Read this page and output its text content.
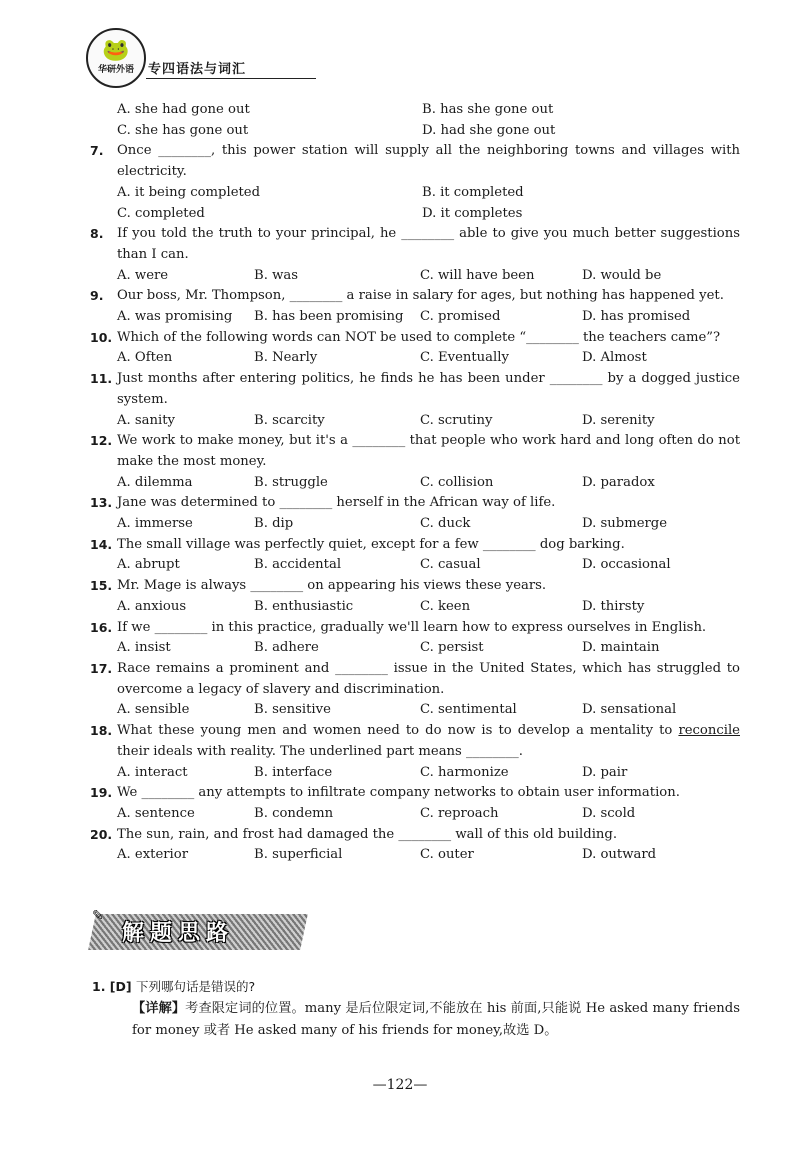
🐸
华研外语	专四语法与词汇
A. she had gone out	B. has she gone out
C. she has gone out	D. had she gone out
7.	Once ________, this power station will supply all the neighboring towns and villages with electricity.
A. it being completed	B. it completed
C. completed	D. it completes
8.	If you told the truth to your principal, he ________ able to give you much better suggestions than I can.
A. were	B. was	C. will have been	D. would be
9.	Our boss, Mr. Thompson, ________ a raise in salary for ages, but nothing has happened yet.
A. was promising	B. has been promising	C. promised	D. has promised
10. Which of the following words can NOT be used to complete “________ the teachers came”?
A. Often	B. Nearly	C. Eventually	D. Almost
11. Just months after entering politics, he finds he has been under ________ by a dogged justice system.
A. sanity	B. scarcity	C. scrutiny	D. serenity
12. We work to make money, but it's a ________ that people who work hard and long often do not make the most money.
A. dilemma	B. struggle	C. collision	D. paradox
13. Jane was determined to ________ herself in the African way of life.
A. immerse	B. dip	C. duck	D. submerge
14. The small village was perfectly quiet, except for a few ________ dog barking.
A. abrupt	B. accidental	C. casual	D. occasional
15. Mr. Mage is always ________ on appearing his views these years.
A. anxious	B. enthusiastic	C. keen	D. thirsty
16. If we ________ in this practice, gradually we'll learn how to express ourselves in English.
A. insist	B. adhere	C. persist	D. maintain
17. Race remains a prominent and ________ issue in the United States, which has struggled to overcome a legacy of slavery and discrimination.
A. sensible	B. sensitive	C. sentimental	D. sensational
18. What these young men and women need to do now is to develop a mentality to reconcile their ideals with reality. The underlined part means ________.
A. interact	B. interface	C. harmonize	D. pair
19. We ________ any attempts to infiltrate company networks to obtain user information.
A. sentence	B. condemn	C. reproach	D. scold
20. The sun, rain, and frost had damaged the ________ wall of this old building.
A. exterior	B. superficial	C. outer	D. outward
✎
解题思路
1. [D] 下列哪句话是错误的?
【详解】考查限定词的位置。many 是后位限定词,不能放在 his 前面,只能说 He asked many friends for money 或者 He asked many of his friends for money,故选 D。
—122—
